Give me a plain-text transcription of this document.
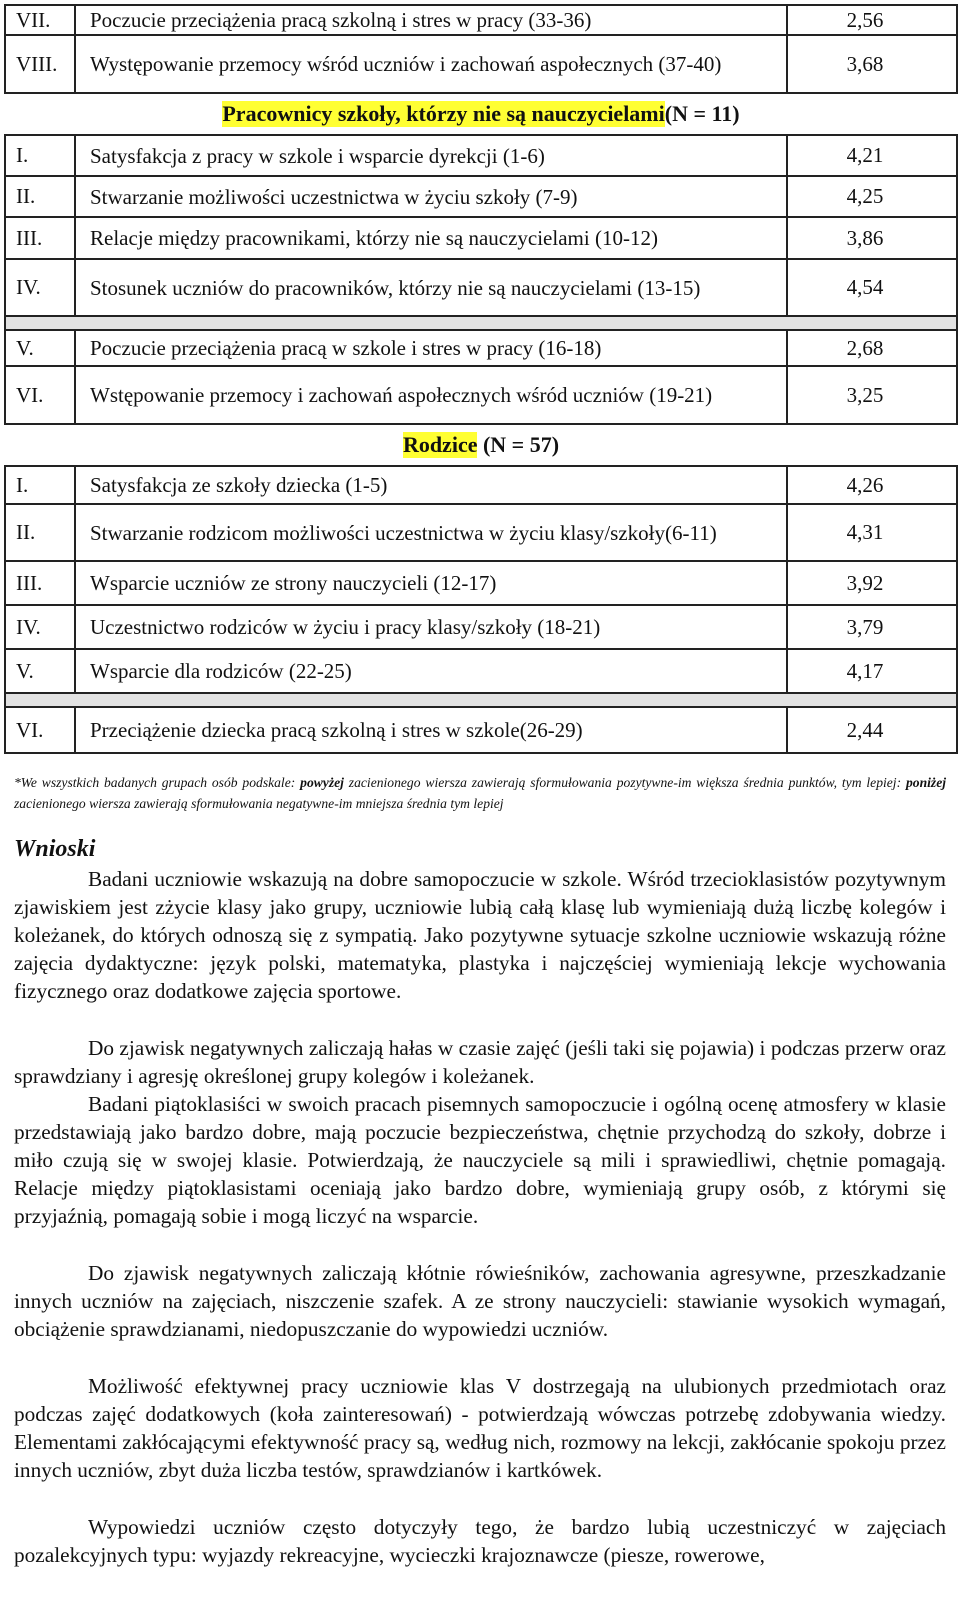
VII.	Poczucie przeciążenia pracą szkolną i stres w pracy (33-36)	2,56
VIII.	Występowanie przemocy wśród uczniów i zachowań aspołecznych (37-40)	3,68
Pracownicy szkoły, którzy nie są nauczycielami (N = 11)
I.	Satysfakcja z pracy w szkole i wsparcie dyrekcji (1-6)	4,21
II.	Stwarzanie możliwości uczestnictwa w życiu szkoły (7-9)	4,25
III.	Relacje między pracownikami, którzy nie są nauczycielami (10-12)	3,86
IV.	Stosunek uczniów do pracowników, którzy nie są nauczycielami (13-15)	4,54
V.	Poczucie przeciążenia pracą w szkole i stres w pracy (16-18)	2,68
VI.	Wstępowanie przemocy i zachowań aspołecznych wśród uczniów (19-21)	3,25
Rodzice
(N = 57)
I.	Satysfakcja ze szkoły dziecka (1-5)	4,26
II.	Stwarzanie rodzicom możliwości uczestnictwa w życiu klasy/szkoły(6-11)	4,31
III.	Wsparcie uczniów ze strony nauczycieli (12-17)	3,92
IV.	Uczestnictwo rodziców w życiu i pracy klasy/szkoły (18-21)	3,79
V.	Wsparcie dla rodziców (22-25)	4,17
VI.	Przeciążenie dziecka pracą szkolną i stres w szkole(26-29)	2,44
*We wszystkich badanych grupach osób podskale: powyżej zacienionego wiersza zawierają sformułowania pozytywne-im większa średnia punktów, tym lepiej: poniżej zacienionego wiersza zawierają sformułowania negatywne-im mniejsza średnia tym lepiej
Wnioski

Badani uczniowie wskazują na dobre samopoczucie w szkole. Wśród trzecioklasistów pozytywnym zjawiskiem jest zżycie klasy jako grupy, uczniowie lubią całą klasę lub wymieniają dużą liczbę kolegów i koleżanek, do których odnoszą się z sympatią. Jako pozytywne sytuacje szkolne uczniowie wskazują różne zajęcia dydaktyczne: język polski, matematyka, plastyka i najczęściej wymieniają lekcje wychowania fizycznego oraz dodatkowe zajęcia sportowe.

Do zjawisk negatywnych zaliczają hałas w czasie zajęć (jeśli taki się pojawia) i podczas przerw oraz sprawdziany i agresję określonej grupy kolegów i koleżanek.

Badani piątoklasiści w swoich pracach pisemnych samopoczucie i ogólną ocenę atmosfery w klasie przedstawiają jako bardzo dobre, mają poczucie bezpieczeństwa, chętnie przychodzą do szkoły, dobrze i miło czują się w swojej klasie. Potwierdzają, że nauczyciele są mili i sprawiedliwi, chętnie pomagają. Relacje między piątoklasistami oceniają jako bardzo dobre, wymieniają grupy osób, z którymi się przyjaźnią, pomagają sobie i mogą liczyć na wsparcie.

Do zjawisk negatywnych zaliczają kłótnie rówieśników, zachowania agresywne, przeszkadzanie innych uczniów na zajęciach, niszczenie szafek. A ze strony nauczycieli: stawianie wysokich wymagań, obciążenie sprawdzianami, niedopuszczanie do wypowiedzi uczniów.

Możliwość efektywnej pracy uczniowie klas V dostrzegają na ulubionych przedmiotach oraz podczas zajęć dodatkowych (koła zainteresowań) - potwierdzają wówczas potrzebę zdobywania wiedzy. Elementami zakłócającymi efektywność pracy są, według nich, rozmowy na lekcji, zakłócanie spokoju przez innych uczniów, zbyt duża liczba testów, sprawdzianów i kartkówek.

Wypowiedzi uczniów często dotyczyły tego, że bardzo lubią uczestniczyć w zajęciach pozalekcyjnych typu: wyjazdy rekreacyjne, wycieczki krajoznawcze (piesze, rowerowe,
